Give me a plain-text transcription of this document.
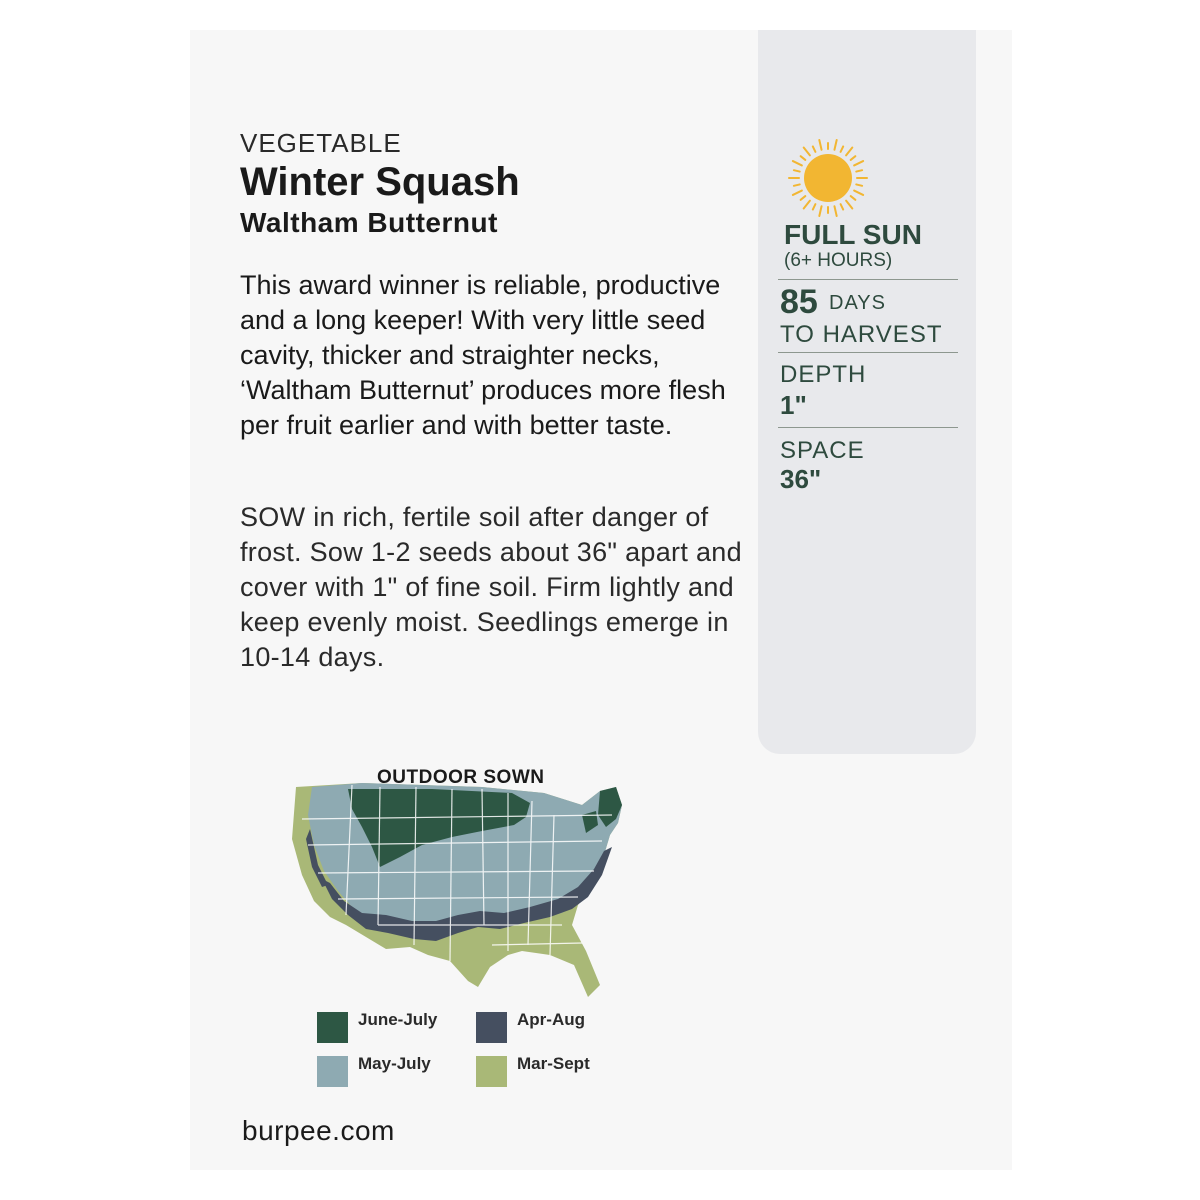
VEGETABLE
Winter Squash
Waltham Butternut
This award winner is reliable, productive and a long keeper! With very little seed cavity, thicker and straighter necks, ‘Waltham Butternut’ produces more flesh per fruit earlier and with better taste.
SOW in rich, fertile soil after danger of frost. Sow 1-2 seeds about 36" apart and cover with 1" of fine soil. Firm lightly and keep evenly moist. Seedlings emerge in 10-14 days.
FULL SUN
(6+ HOURS)
85 DAYS
TO HARVEST
DEPTH
1"
SPACE
36"
OUTDOOR SOWN
June-July	Apr-Aug
May-July	Mar-Sept
burpee.com
